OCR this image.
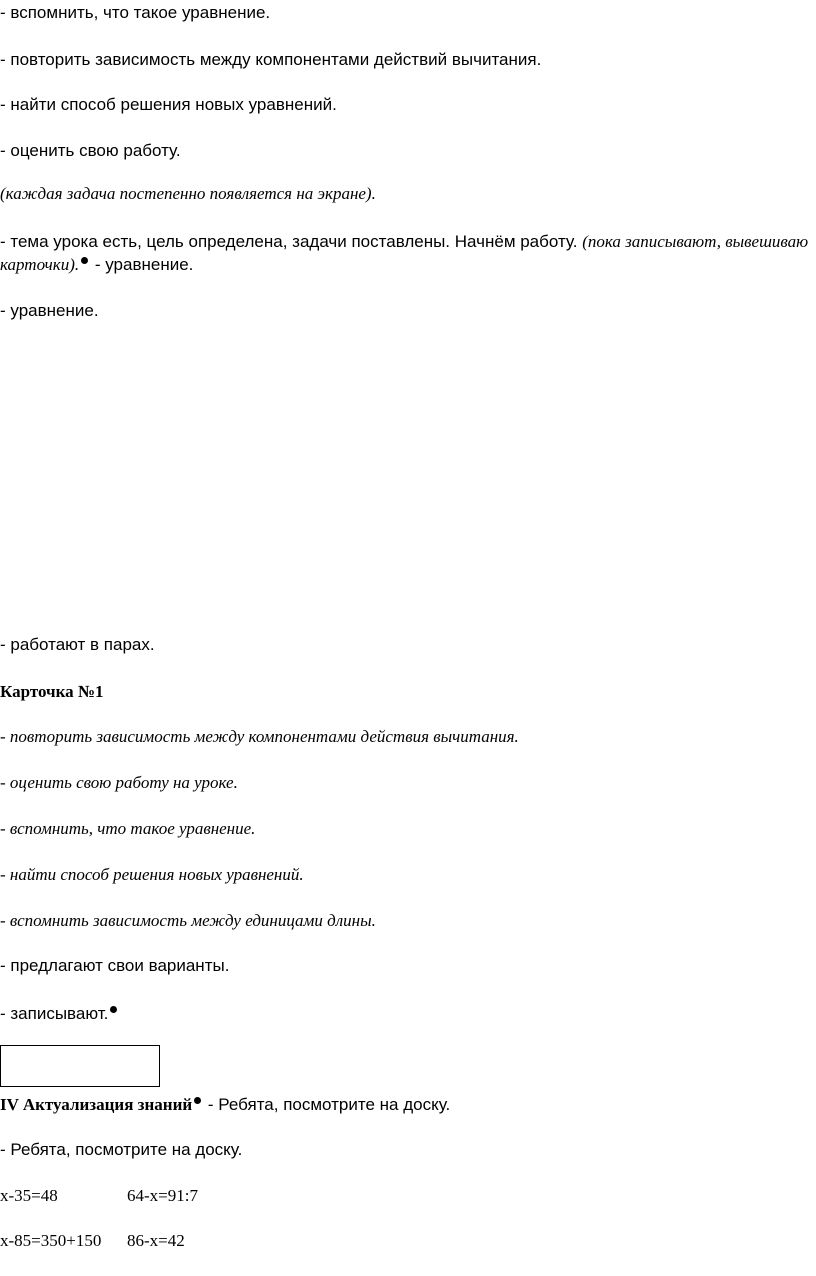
- вспомнить, что такое уравнение.
- повторить зависимость между компонентами действий вычитания.
- найти способ решения новых уравнений.
- оценить свою работу.
(каждая задача постепенно появляется на экране).
- тема урока есть, цель определена, задачи поставлены. Начнём работу. (пока записывают, вывешиваю
карточки). - уравнение.
- уравнение.
- работают в парах.
Карточка №1
- повторить зависимость между компонентами действия вычитания.
- оценить свою работу на уроке.
- вспомнить, что такое уравнение.
- найти способ решения новых уравнений.
- вспомнить зависимость между единицами длины.
- предлагают свои варианты.
- записывают.
IV Актуализация знаний - Ребята, посмотрите на доску.
- Ребята, посмотрите на доску.
x-35=48	64-x=91:7
x-85=350+150 86-x=42
